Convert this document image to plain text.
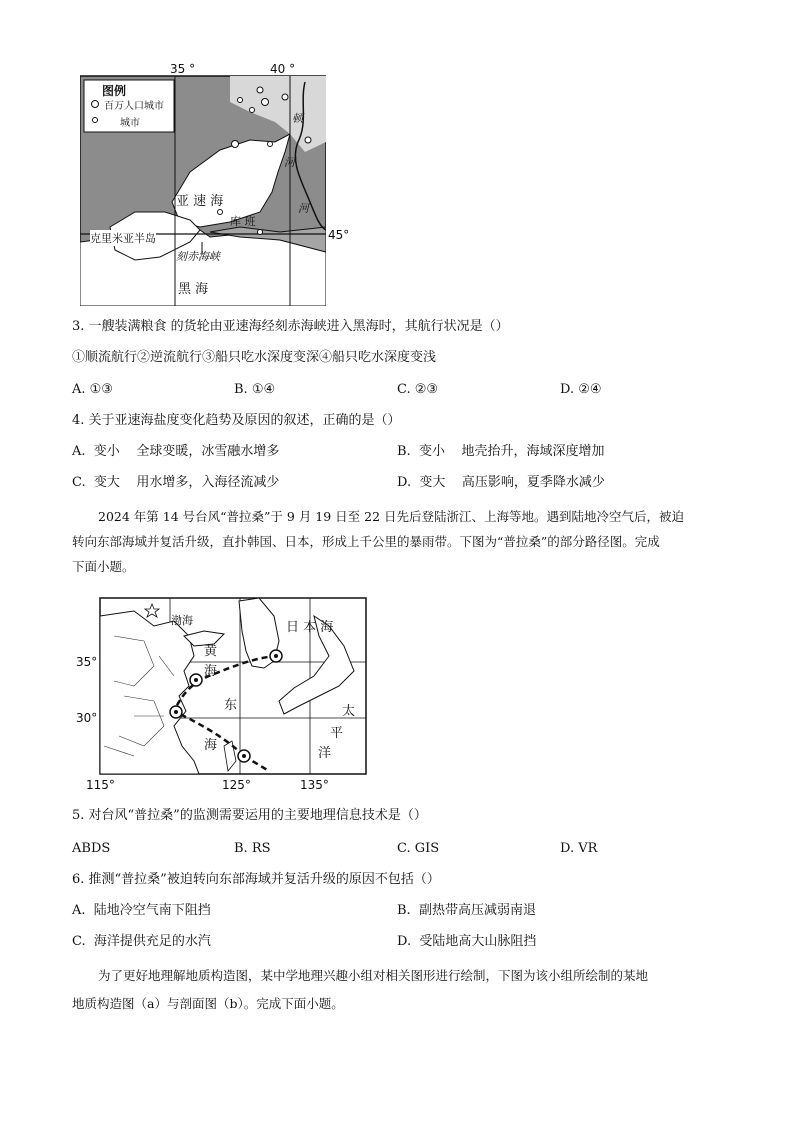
35 °	40 °
45°
图例
百万人口城市
城市
亚 速 海
黑 海
克里米亚半岛
刻赤海峡
库 班
河
顿
河
3. 一艘装满粮食 的货轮由亚速海经刻赤海峡进入黑海时，其航行状况是（）
①顺流航行②逆流航行③船只吃水深度变深④船只吃水深度变浅
A. ①③	B. ①④	C. ②③	D. ②④
4. 关于亚速海盐度变化趋势及原因的叙述，正确的是（）
A.  变小    全球变暖，冰雪融水增多	B.  变小    地壳抬升，海域深度增加
C.  变大    用水增多，入海径流减少	D.  变大    高压影响，夏季降水减少
2024 年第 14 号台风“普拉桑”于 9 月 19 日至 22 日先后登陆浙江、上海等地。遇到陆地冷空气后，被迫
转向东部海域并复活升级，直扑韩国、日本，形成上千公里的暴雨带。下图为“普拉桑”的部分路径图。完成
下面小题。
35°
30°
115°	125°	135°
渤海
黄
海
东
海
日 本 海
太
平
洋
5. 对台风“普拉桑”的监测需要运用的主要地理信息技术是（）
ABDS	B. RS	C. GIS	D. VR
6. 推测“普拉桑”被迫转向东部海域并复活升级的原因不包括（）
A.  陆地冷空气南下阻挡	B.  副热带高压减弱南退
C.  海洋提供充足的水汽	D.  受陆地高大山脉阻挡
为了更好地理解地质构造图，某中学地理兴趣小组对相关图形进行绘制，下图为该小组所绘制的某地
地质构造图（a）与剖面图（b）。完成下面小题。
